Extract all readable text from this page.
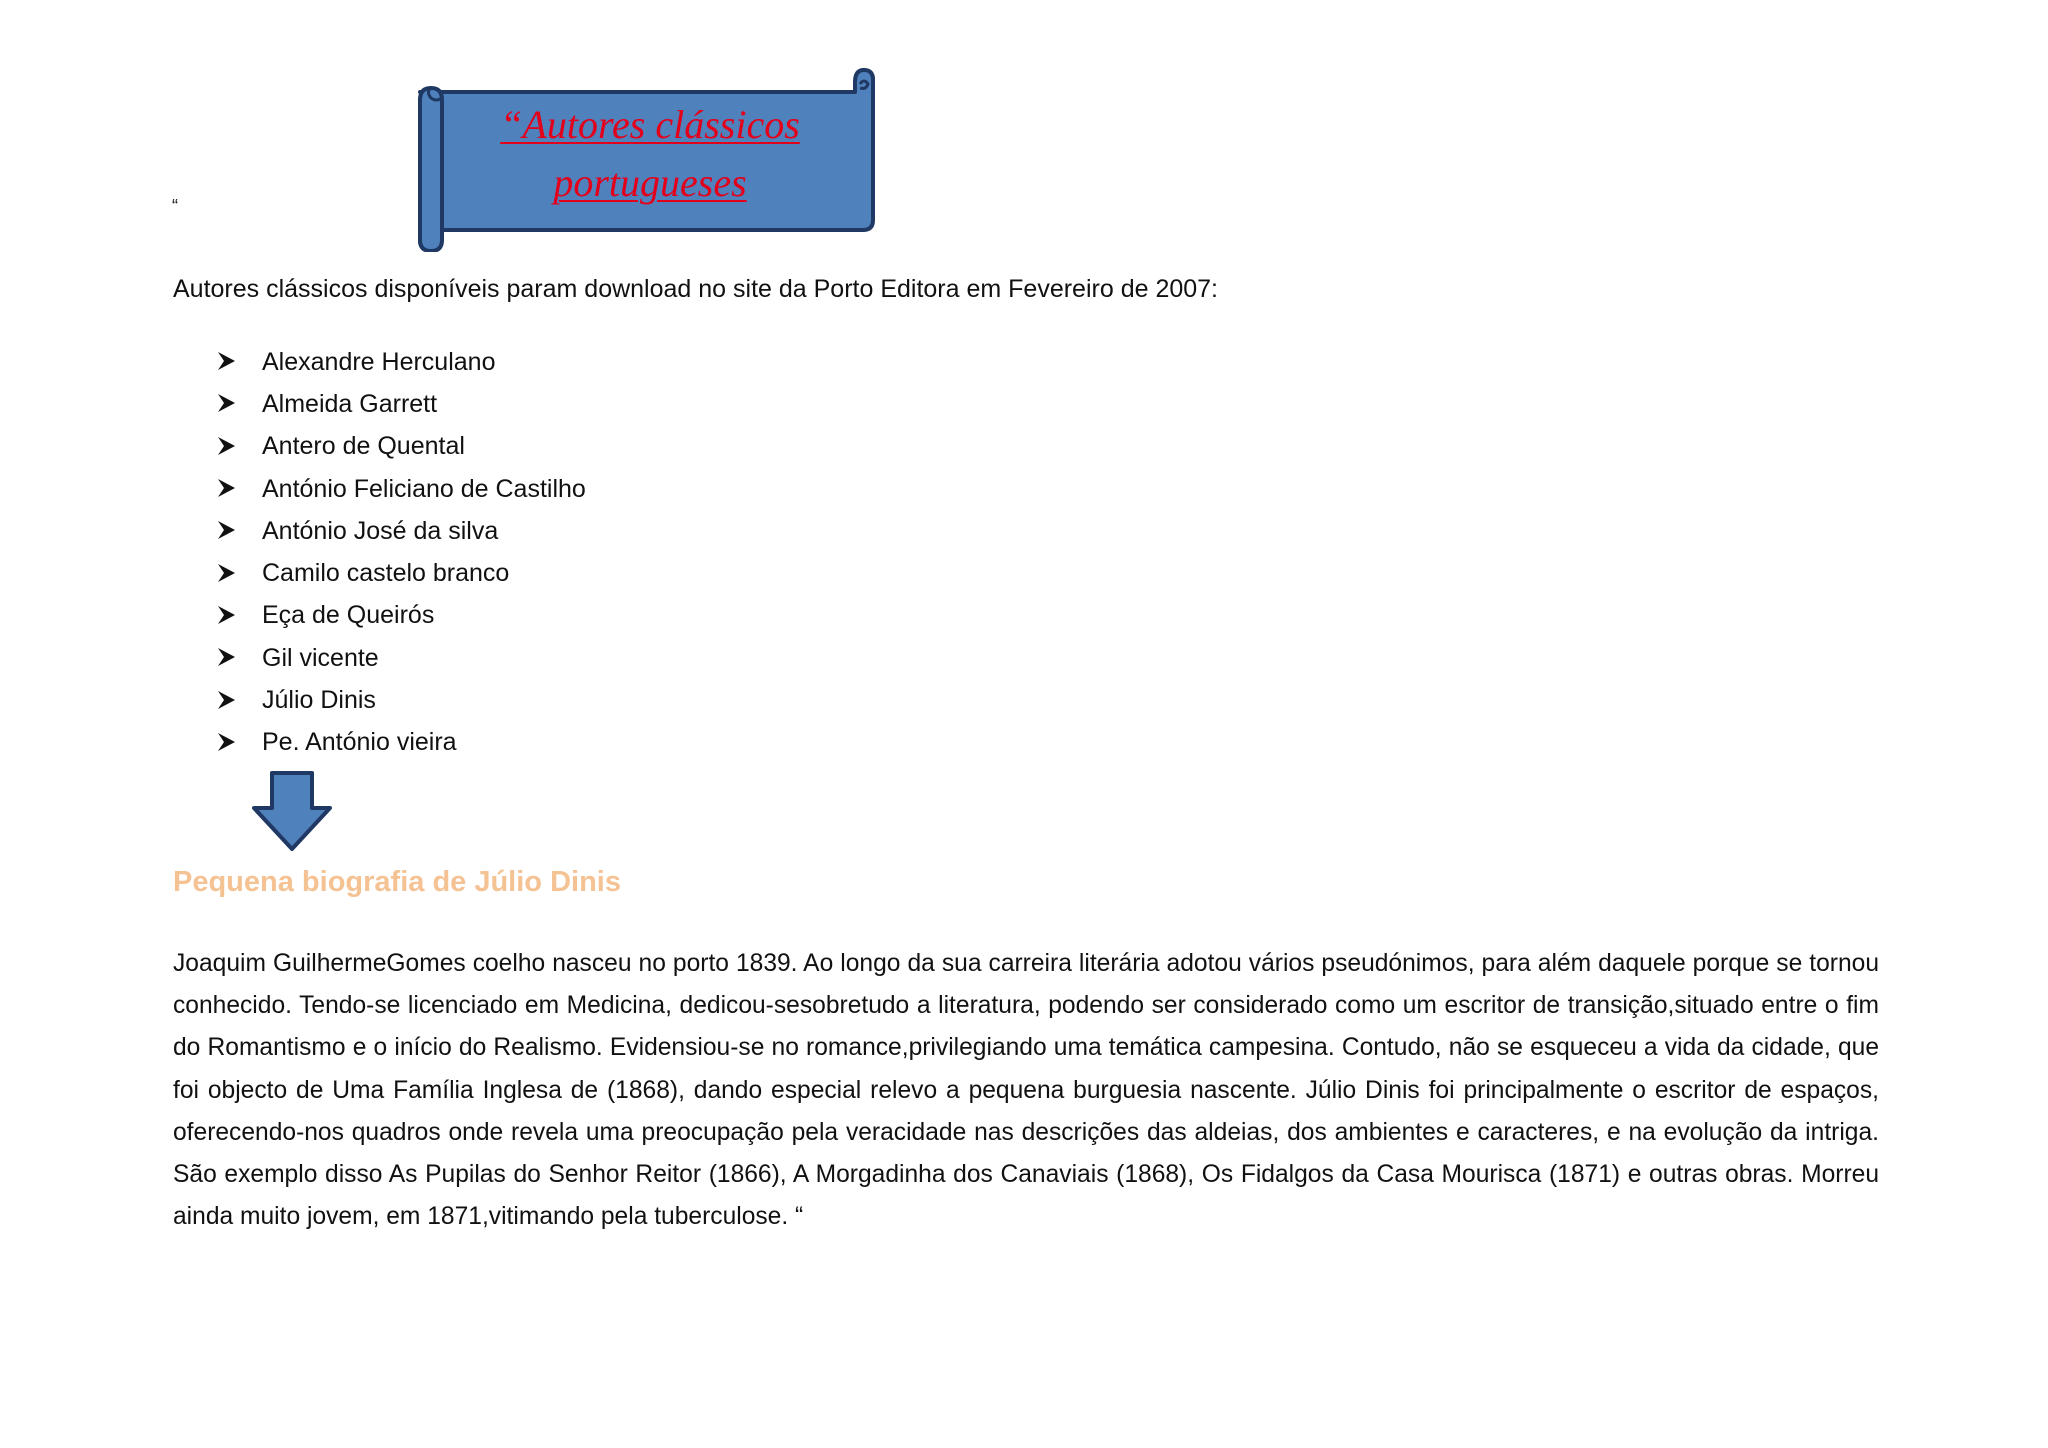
“
“Autores clássicos
portugueses
Autores clássicos disponíveis param download no site da Porto Editora em Fevereiro de 2007:
Alexandre Herculano
Almeida Garrett
Antero de Quental
António Feliciano de Castilho
António José da silva
Camilo castelo branco
Eça de Queirós
Gil vicente
Júlio Dinis
Pe. António vieira
Pequena biografia de Júlio Dinis
Joaquim GuilhermeGomes coelho nasceu no porto 1839. Ao longo da sua carreira literária adotou vários pseudónimos, para além daquele porque se tornou conhecido. Tendo-se licenciado em Medicina, dedicou-sesobretudo a literatura, podendo ser considerado como um escritor de transição,situado entre o fim do Romantismo e o início do Realismo. Evidensiou-se no romance,privilegiando uma temática campesina. Contudo, não se esqueceu a vida da cidade, que foi objecto de Uma Família Inglesa de (1868), dando especial relevo a pequena burguesia nascente. Júlio Dinis foi principalmente o escritor de espaços, oferecendo-nos quadros onde revela uma preocupação pela veracidade nas descrições das aldeias, dos ambientes e caracteres, e na evolução da intriga. São exemplo disso As Pupilas do Senhor Reitor (1866), A Morgadinha dos Canaviais (1868), Os Fidalgos da Casa Mourisca (1871) e outras obras. Morreu ainda muito jovem, em 1871,vitimando pela tuberculose. “
